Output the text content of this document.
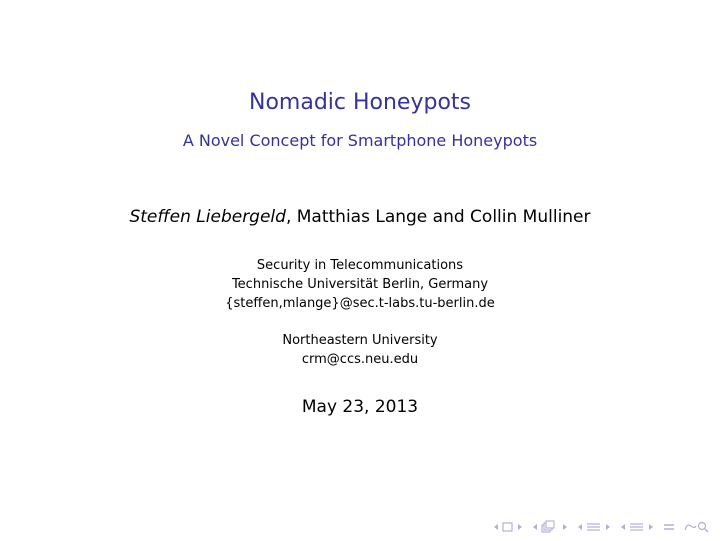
Nomadic Honeypots
A Novel Concept for Smartphone Honeypots
Steffen Liebergeld, Matthias Lange and Collin Mulliner
Security in Telecommunications
Technische Universität Berlin, Germany
{steffen,mlange}@sec.t-labs.tu-berlin.de
Northeastern University
crm@ccs.neu.edu
May 23, 2013
